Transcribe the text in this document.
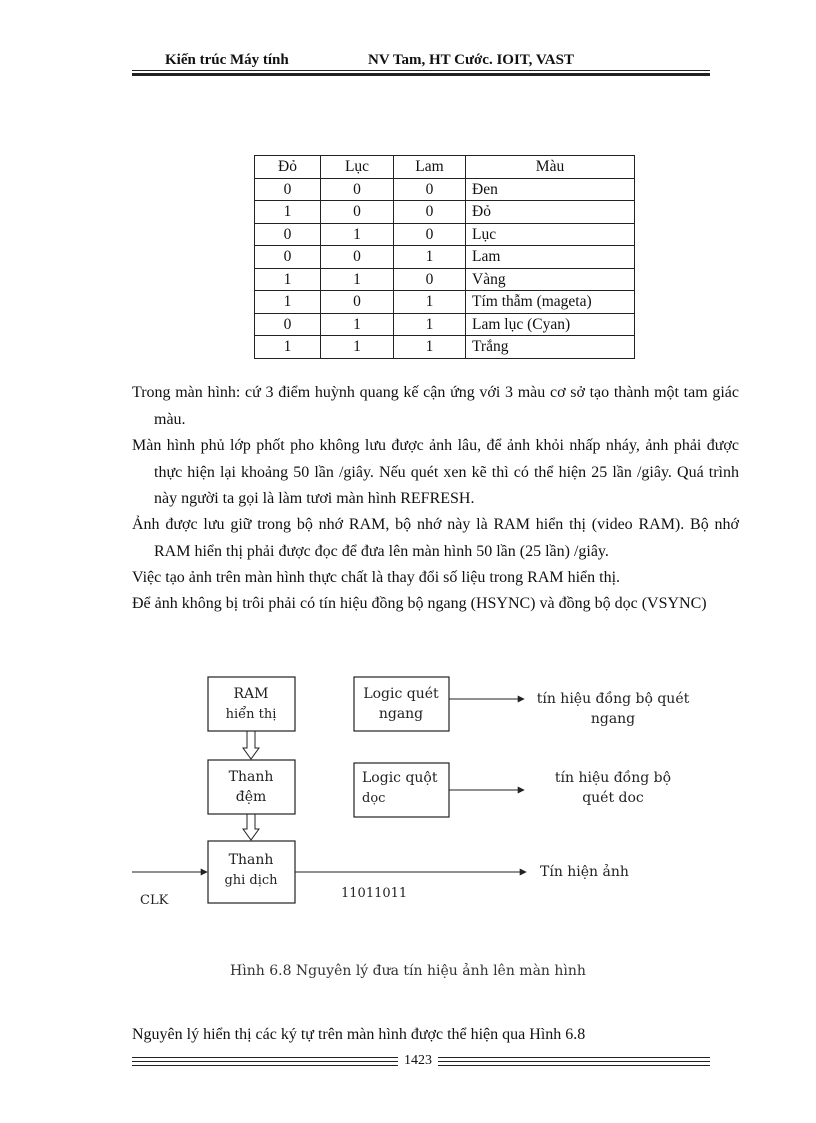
Kiến trúc Máy tính	NV Tam, HT Cước. IOIT, VAST
Đỏ	Lục	Lam	Màu
0	0	0	Đen
1	0	0	Đỏ
0	1	0	Lục
0	0	1	Lam
1	1	0	Vàng
1	0	1	Tím thẫm (mageta)
0	1	1	Lam lục (Cyan)
1	1	1	Trắng

Trong màn hình: cứ 3 điểm huỳnh quang kế cận ứng với 3 màu cơ sở tạo thành một tam giác màu.

Màn hình phủ lớp phốt pho không lưu được ảnh lâu, để ảnh khỏi nhấp nháy, ảnh phải được thực hiện lại khoảng 50 lần /giây. Nếu quét xen kẽ thì có thể hiện 25 lần /giây. Quá trình này người ta gọi là làm tươi màn hình REFRESH.

Ảnh được lưu giữ trong bộ nhớ RAM, bộ nhớ này là RAM hiển thị (video RAM). Bộ nhớ RAM hiển thị phải được đọc để đưa lên màn hình 50 lần (25 lần) /giây.

Việc tạo ảnh trên màn hình thực chất là thay đổi số liệu trong RAM hiển thị.

Để ảnh không bị trôi phải có tín hiệu đồng bộ ngang (HSYNC) và đồng bộ dọc (VSYNC)

RAM
hiển thị
Thanh
đệm
Thanh
ghi dịch
CLK	11011011
Tín hiện ảnh
Logic quét
ngang
tín hiệu đồng bộ quét
ngang
Logic quột
dọc
tín hiệu đồng bộ
quét doc
Hình 6.8 Nguyên lý đưa tín hiệu ảnh lên màn hình
Nguyên lý hiển thị các ký tự trên màn hình được thể hiện qua Hình 6.8
1423
